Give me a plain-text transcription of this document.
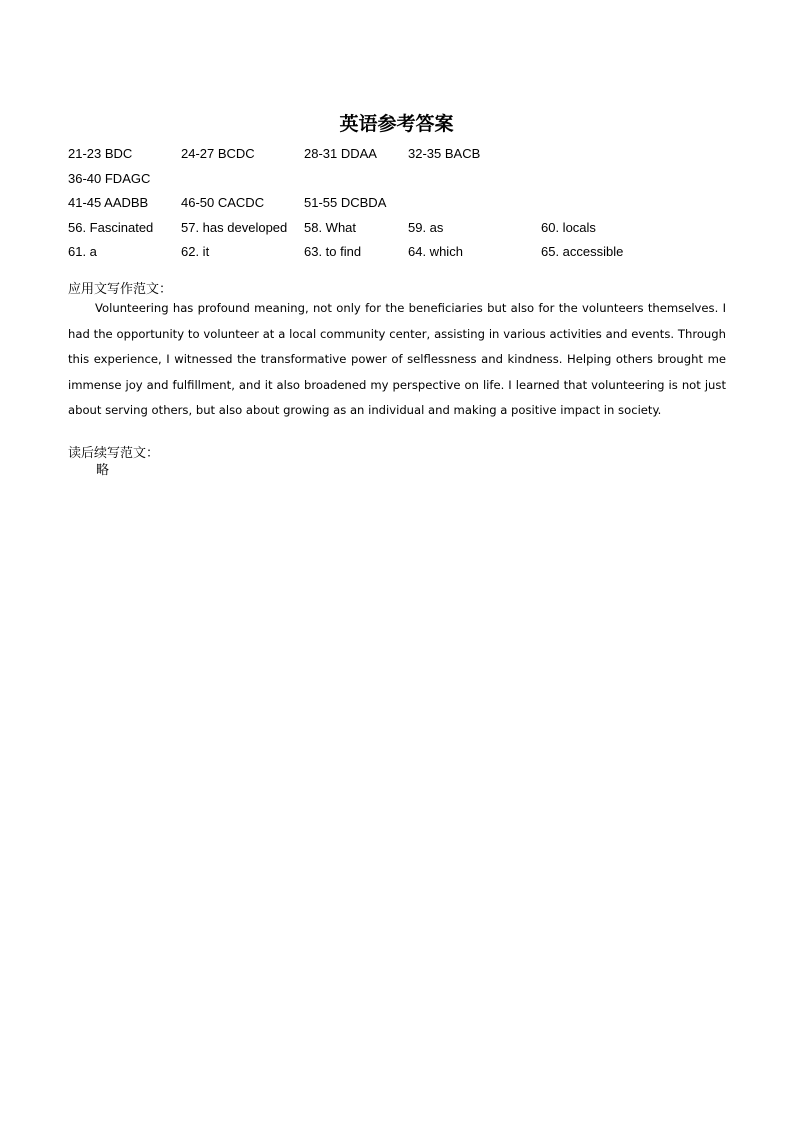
英语参考答案
21-23 BDC	24-27 BCDC	28-31 DDAA 32-35 BACB
36-40 FDAGC
41-45 AADBB	46-50 CACDC	51-55 DCBDA
56. Fascinated 57. has developed 58. What	59. as	60. locals
61. a	62. it	63. to find	64. which	65. accessible
应用文写作范文：

Volunteering has profound meaning, not only for the beneficiaries but also for the volunteers themselves. I had the opportunity to volunteer at a local community center, assisting in various activities and events. Through this experience, I witnessed the transformative power of selflessness and kindness. Helping others brought me immense joy and fulfillment, and it also broadened my perspective on life. I learned that volunteering is not just about serving others, but also about growing as an individual and making a positive impact in society.

读后续写范文：
略
